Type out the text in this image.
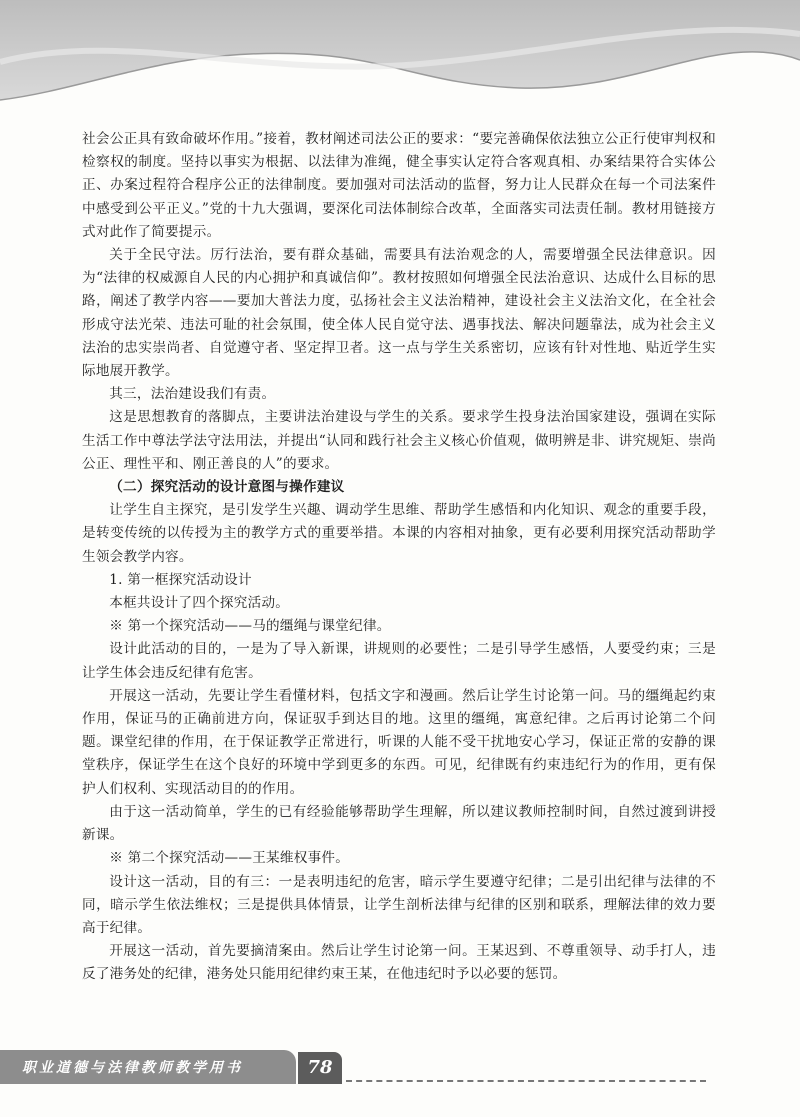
社会公正具有致命破坏作用。”接着，教材阐述司法公正的要求：“要完善确保依法独立公正行使审判权和检察权的制度。坚持以事实为根据、以法律为准绳，健全事实认定符合客观真相、办案结果符合实体公正、办案过程符合程序公正的法律制度。要加强对司法活动的监督，努力让人民群众在每一个司法案件中感受到公平正义。”党的十九大强调，要深化司法体制综合改革，全面落实司法责任制。教材用链接方式对此作了简要提示。

关于全民守法。厉行法治，要有群众基础，需要具有法治观念的人，需要增强全民法律意识。因为“法律的权威源自人民的内心拥护和真诚信仰”。教材按照如何增强全民法治意识、达成什么目标的思路，阐述了教学内容——要加大普法力度，弘扬社会主义法治精神，建设社会主义法治文化，在全社会形成守法光荣、违法可耻的社会氛围，使全体人民自觉守法、遇事找法、解决问题靠法，成为社会主义法治的忠实崇尚者、自觉遵守者、坚定捍卫者。这一点与学生关系密切，应该有针对性地、贴近学生实际地展开教学。

其三，法治建设我们有责。

这是思想教育的落脚点，主要讲法治建设与学生的关系。要求学生投身法治国家建设，强调在实际生活工作中尊法学法守法用法，并提出“认同和践行社会主义核心价值观，做明辨是非、讲究规矩、崇尚公正、理性平和、刚正善良的人”的要求。

（二）探究活动的设计意图与操作建议

让学生自主探究，是引发学生兴趣、调动学生思维、帮助学生感悟和内化知识、观念的重要手段，是转变传统的以传授为主的教学方式的重要举措。本课的内容相对抽象，更有必要利用探究活动帮助学生领会教学内容。

1. 第一框探究活动设计

本框共设计了四个探究活动。

※ 第一个探究活动——马的缰绳与课堂纪律。

设计此活动的目的，一是为了导入新课，讲规则的必要性；二是引导学生感悟，人要受约束；三是让学生体会违反纪律有危害。

开展这一活动，先要让学生看懂材料，包括文字和漫画。然后让学生讨论第一问。马的缰绳起约束作用，保证马的正确前进方向，保证驭手到达目的地。这里的缰绳，寓意纪律。之后再讨论第二个问题。课堂纪律的作用，在于保证教学正常进行，听课的人能不受干扰地安心学习，保证正常的安静的课堂秩序，保证学生在这个良好的环境中学到更多的东西。可见，纪律既有约束违纪行为的作用，更有保护人们权利、实现活动目的的作用。

由于这一活动简单，学生的已有经验能够帮助学生理解，所以建议教师控制时间，自然过渡到讲授新课。

※ 第二个探究活动——王某维权事件。

设计这一活动，目的有三：一是表明违纪的危害，暗示学生要遵守纪律；二是引出纪律与法律的不同，暗示学生依法维权；三是提供具体情景，让学生剖析法律与纪律的区别和联系，理解法律的效力要高于纪律。

开展这一活动，首先要摘清案由。然后让学生讨论第一问。王某迟到、不尊重领导、动手打人，违反了港务处的纪律，港务处只能用纪律约束王某，在他违纪时予以必要的惩罚。

职业道德与法律教师教学用书	78
